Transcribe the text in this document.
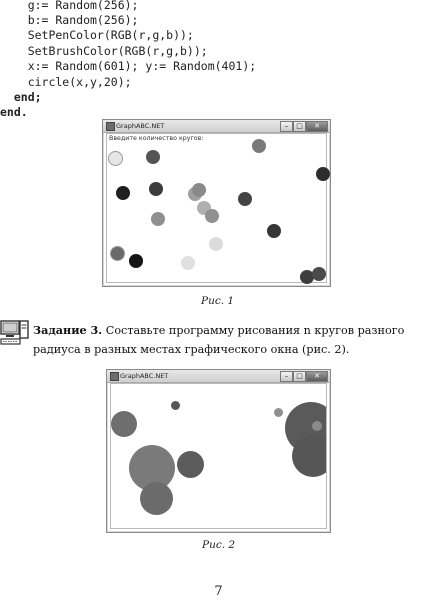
g:= Random(256);
b:= Random(256);
SetPenColor(RGB(r,g,b));
SetBrushColor(RGB(r,g,b));
x:= Random(601); y:= Random(401);
circle(x,y,20);
end;
end.
GraphABC.NET	–	□	✕
Введите количество кругов:
Рис. 1
Задание 3. Составьте программу рисования n кругов разного радиуса в разных местах графического окна (рис. 2).
GraphABC.NET	–	□	✕
Рис. 2
7
